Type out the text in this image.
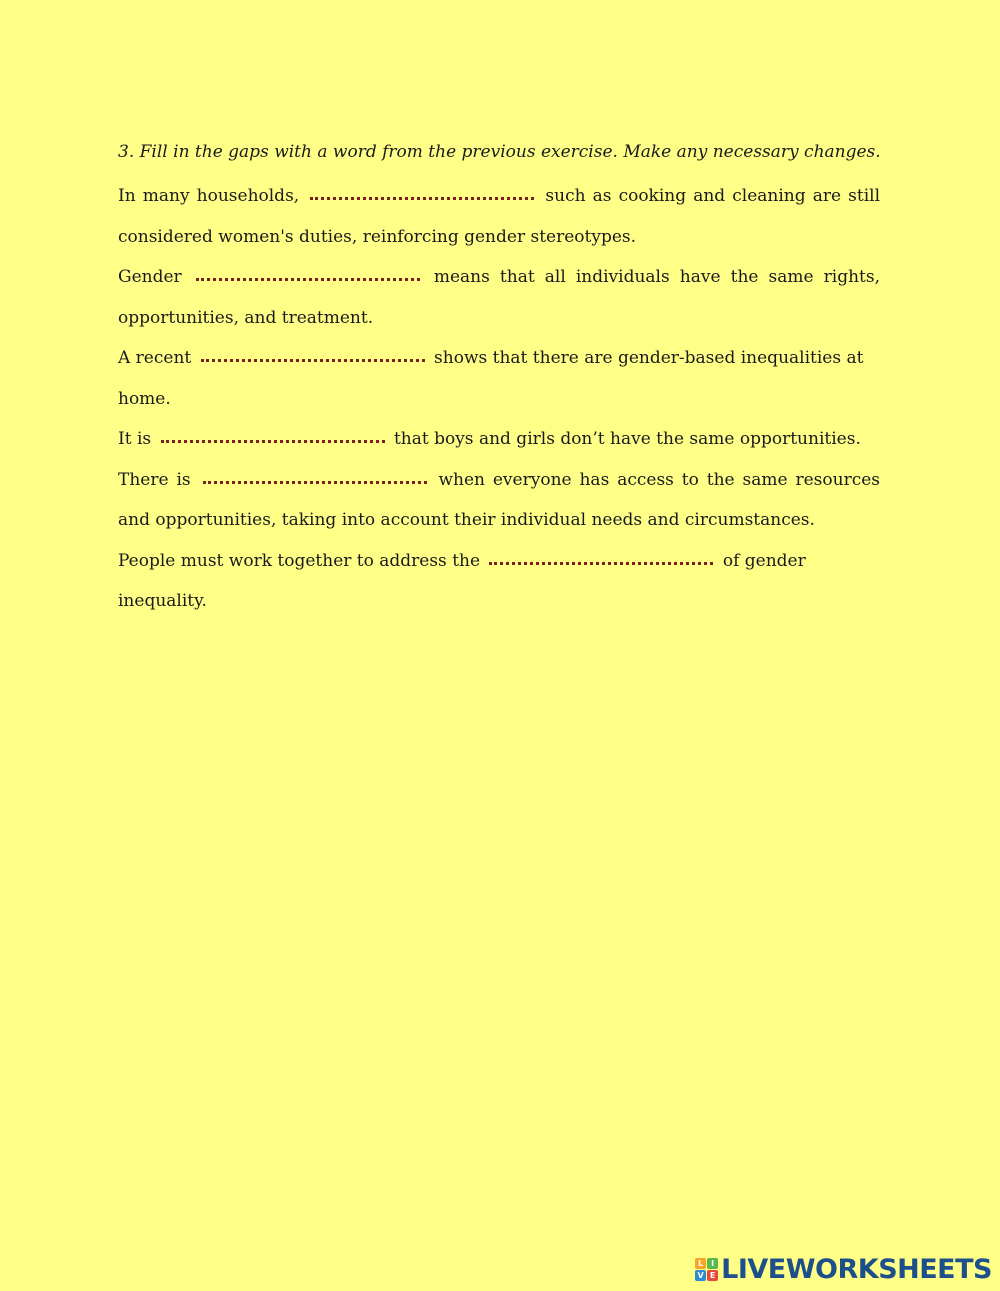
3. Fill in the gaps with a word from the previous exercise. Make any necessary changes.

In many households,	such as cooking and cleaning are still considered women's duties, reinforcing gender stereotypes.

Gender	means that all individuals have the same rights, opportunities, and treatment.

A recent	shows that there are gender-based inequalities at home.

It is	that boys and girls don’t have the same opportunities.

There is	when everyone has access to the same resources and opportunities, taking into account their individual needs and circumstances.

People must work together to address the	of gender inequality.

L I
V E LIVEWORKSHEETS
